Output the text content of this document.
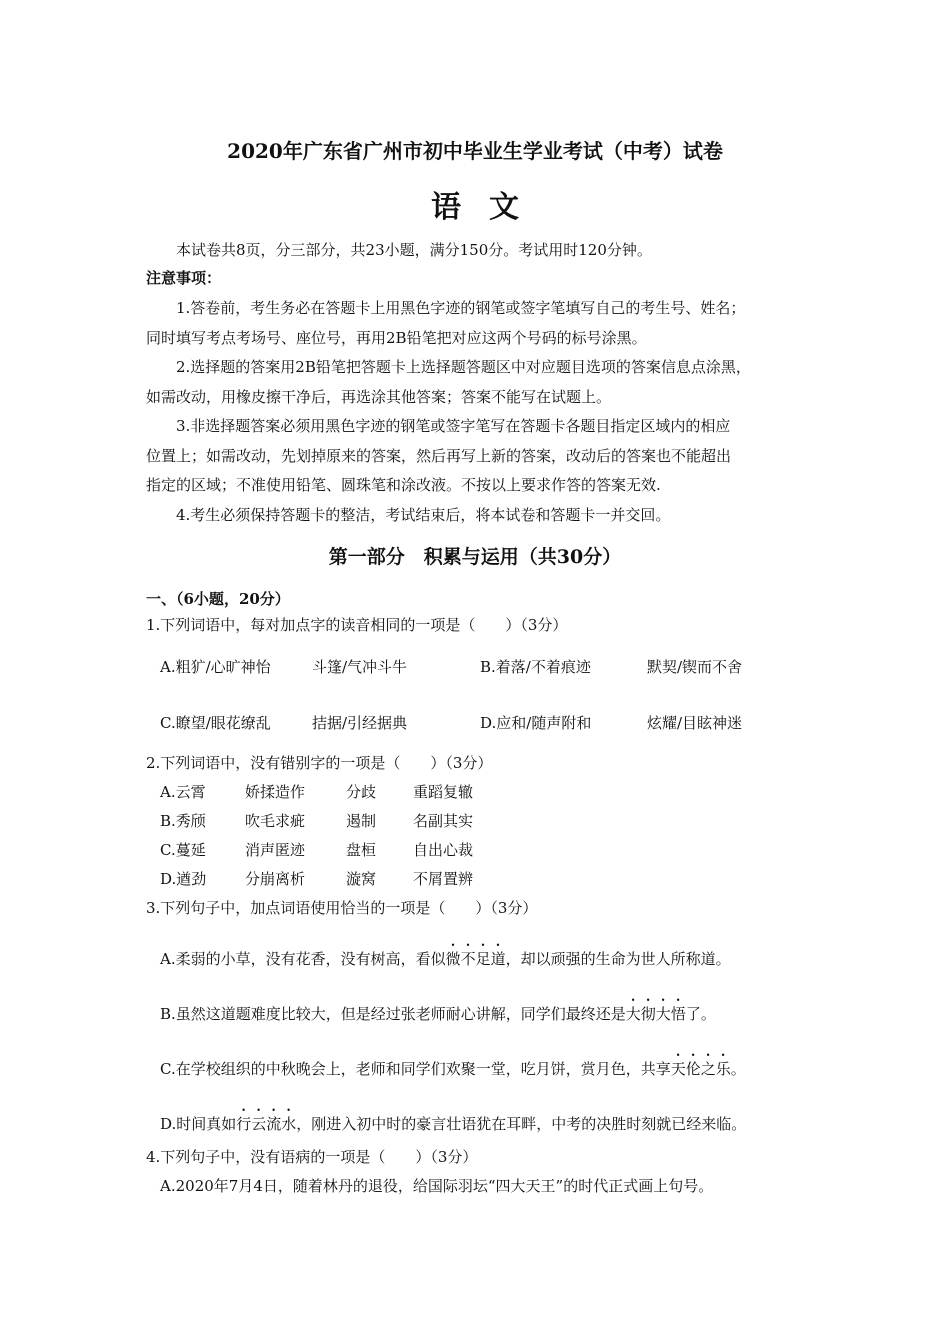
2020年广东省广州市初中毕业生学业考试（中考）试卷
语文
本试卷共8页，分三部分，共23小题，满分150分。考试用时120分钟。
注意事项：
1.答卷前，考生务必在答题卡上用黑色字迹的钢笔或签字笔填写自己的考生号、姓名；
同时填写考点考场号、座位号，再用2B铅笔把对应这两个号码的标号涂黑。
2.选择题的答案用2B铅笔把答题卡上选择题答题区中对应题目选项的答案信息点涂黑，
如需改动，用橡皮擦干净后，再选涂其他答案；答案不能写在试题上。
3.非选择题答案必须用黑色字迹的钢笔或签字笔写在答题卡各题目指定区域内的相应
位置上；如需改动，先划掉原来的答案，然后再写上新的答案，改动后的答案也不能超出
指定的区域；不准使用铅笔、圆珠笔和涂改液。不按以上要求作答的答案无效.
4.考生必须保持答题卡的整洁，考试结束后，将本试卷和答题卡一并交回。
第一部分　积累与运用（共30分）
一、（6小题，20分）
1.下列词语中，每对加点字的读音相同的一项是（　　）（3分）
A.粗犷/心旷神怡	斗篷/气冲斗牛	B.着落/不着痕迹	默契/锲而不舍
C.瞭望/眼花缭乱	拮据/引经据典	D.应和/随声附和	炫耀/目眩神迷
2.下列词语中，没有错别字的一项是（　　）（3分）
A.云霄	娇揉造作	分歧 重蹈复辙
B.秀颀	吹毛求疵	遏制 名副其实
C.蔓延	消声匿迹	盘桓 自出心裁
D.遒劲	分崩离析	漩窝 不屑置辨
3.下列句子中，加点词语使用恰当的一项是（　　）（3分）
A.柔弱的小草，没有花香，没有树高，看似微不足道，却以顽强的生命为世人所称道。
B.虽然这道题难度比较大，但是经过张老师耐心讲解，同学们最终还是大彻大悟了。
C.在学校组织的中秋晚会上，老师和同学们欢聚一堂，吃月饼，赏月色，共享天伦之乐。
D.时间真如行云流水，刚进入初中时的豪言壮语犹在耳畔，中考的决胜时刻就已经来临。
4.下列句子中，没有语病的一项是（　　）（3分）
A.2020年7月4日，随着林丹的退役，给国际羽坛“四大天王”的时代正式画上句号。
